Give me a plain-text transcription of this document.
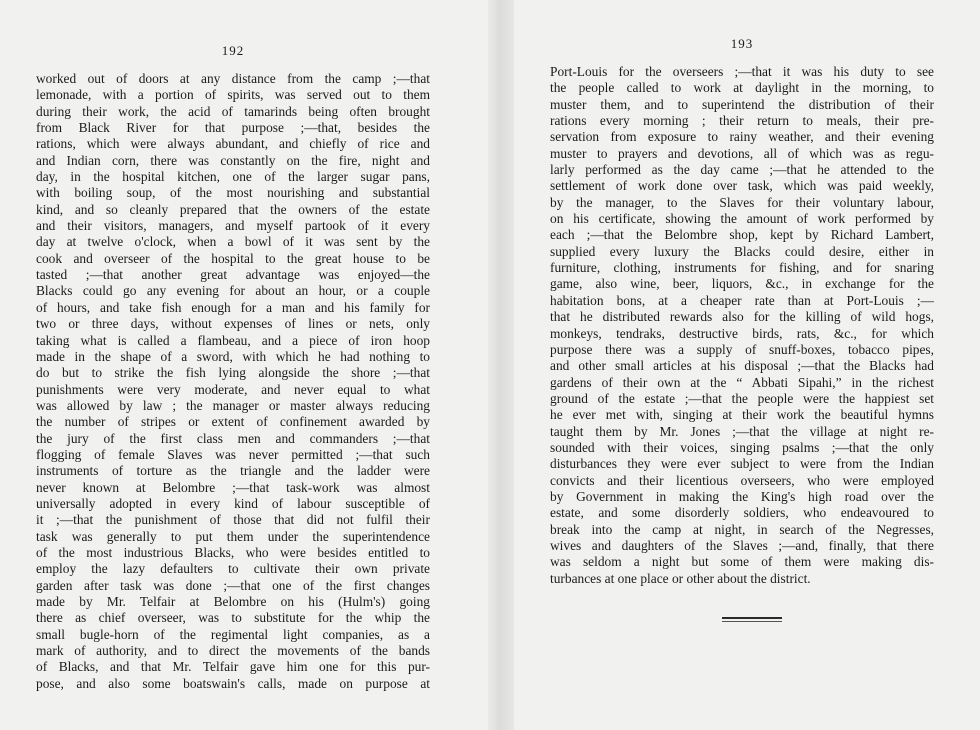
192
worked out of doors at any distance from the camp ;—that
lemonade, with a portion of spirits, was served out to them
during their work, the acid of tamarinds being often brought
from Black River for that purpose ;—that, besides the
rations, which were always abundant, and chiefly of rice and
and Indian corn, there was constantly on the fire, night and
day, in the hospital kitchen, one of the larger sugar pans,
with boiling soup, of the most nourishing and substantial
kind, and so cleanly prepared that the owners of the estate
and their visitors, managers, and myself partook of it every
day at twelve o'clock, when a bowl of it was sent by the
cook and overseer of the hospital to the great house to be
tasted ;—that another great advantage was enjoyed—the
Blacks could go any evening for about an hour, or a couple
of hours, and take fish enough for a man and his family for
two or three days, without expenses of lines or nets, only
taking what is called a flambeau, and a piece of iron hoop
made in the shape of a sword, with which he had nothing to
do but to strike the fish lying alongside the shore ;—that
punishments were very moderate, and never equal to what
was allowed by law ; the manager or master always reducing
the number of stripes or extent of confinement awarded by
the jury of the first class men and commanders ;—that
flogging of female Slaves was never permitted ;—that such
instruments of torture as the triangle and the ladder were
never known at Belombre ;—that task-work was almost
universally adopted in every kind of labour susceptible of
it ;—that the punishment of those that did not fulfil their
task was generally to put them under the superintendence
of the most industrious Blacks, who were besides entitled to
employ the lazy defaulters to cultivate their own private
garden after task was done ;—that one of the first changes
made by Mr. Telfair at Belombre on his (Hulm's) going
there as chief overseer, was to substitute for the whip the
small bugle-horn of the regimental light companies, as a
mark of authority, and to direct the movements of the bands
of Blacks, and that Mr. Telfair gave him one for this pur-
pose, and also some boatswain's calls, made on purpose at
193
Port-Louis for the overseers ;—that it was his duty to see
the people called to work at daylight in the morning, to
muster them, and to superintend the distribution of their
rations every morning ; their return to meals, their pre-
servation from exposure to rainy weather, and their evening
muster to prayers and devotions, all of which was as regu-
larly performed as the day came ;—that he attended to the
settlement of work done over task, which was paid weekly,
by the manager, to the Slaves for their voluntary labour,
on his certificate, showing the amount of work performed by
each ;—that the Belombre shop, kept by Richard Lambert,
supplied every luxury the Blacks could desire, either in
furniture, clothing, instruments for fishing, and for snaring
game, also wine, beer, liquors, &c., in exchange for the
habitation bons, at a cheaper rate than at Port-Louis ;—
that he distributed rewards also for the killing of wild hogs,
monkeys, tendraks, destructive birds, rats, &c., for which
purpose there was a supply of snuff-boxes, tobacco pipes,
and other small articles at his disposal ;—that the Blacks had
gardens of their own at the “ Abbati Sipahi,” in the richest
ground of the estate ;—that the people were the happiest set
he ever met with, singing at their work the beautiful hymns
taught them by Mr. Jones ;—that the village at night re-
sounded with their voices, singing psalms ;—that the only
disturbances they were ever subject to were from the Indian
convicts and their licentious overseers, who were employed
by Government in making the King's high road over the
estate, and some disorderly soldiers, who endeavoured to
break into the camp at night, in search of the Negresses,
wives and daughters of the Slaves ;—and, finally, that there
was seldom a night but some of them were making dis-
turbances at one place or other about the district.
